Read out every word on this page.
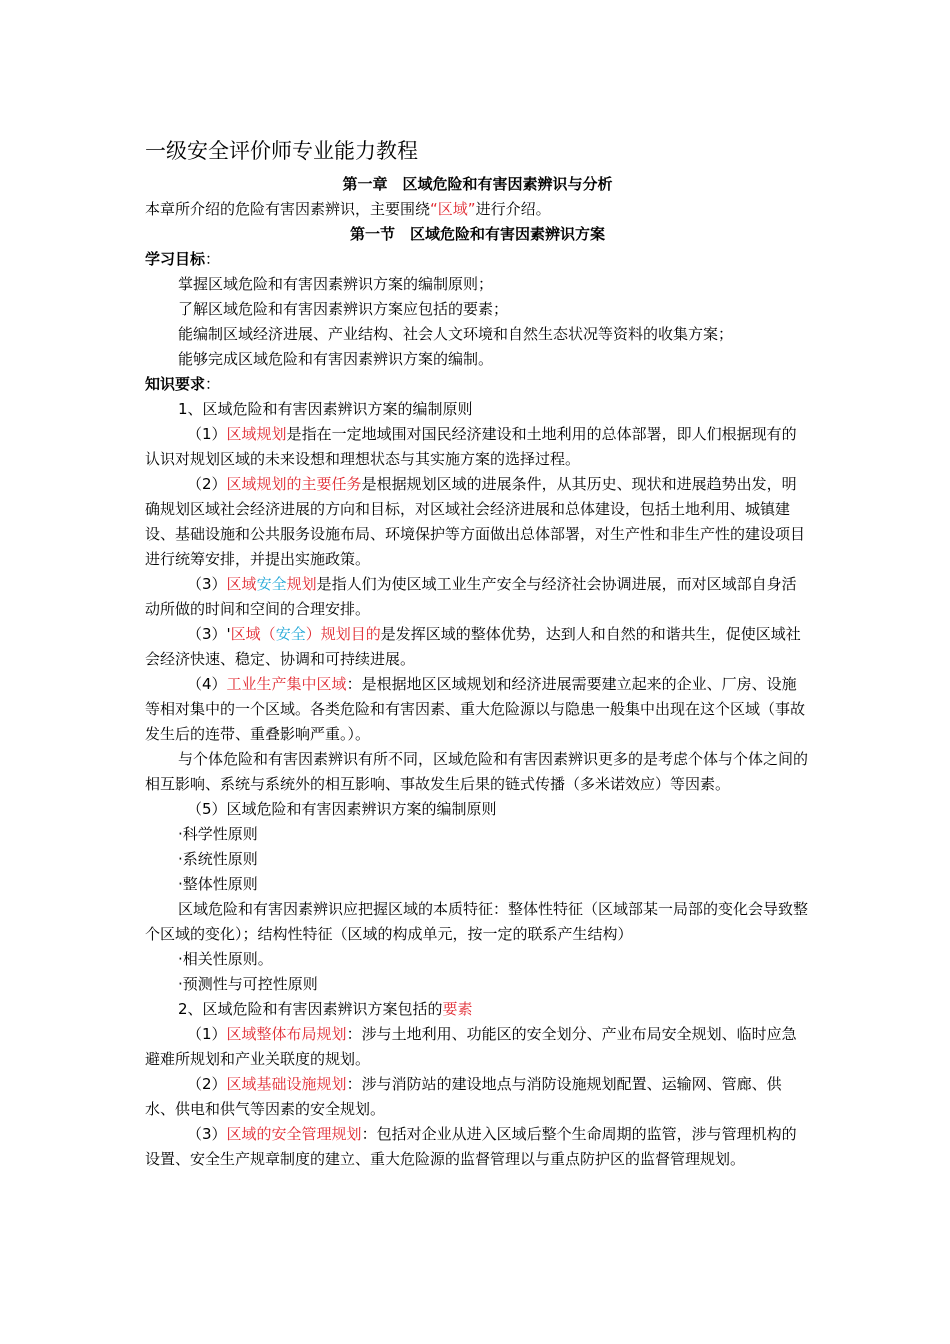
一级安全评价师专业能力教程

第一章　区域危险和有害因素辨识与分析

本章所介绍的危险有害因素辨识，主要围绕“区域”进行介绍。

第一节　区域危险和有害因素辨识方案

学习目标：

掌握区域危险和有害因素辨识方案的编制原则；

了解区域危险和有害因素辨识方案应包括的要素；

能编制区域经济进展、产业结构、社会人文环境和自然生态状况等资料的收集方案；

能够完成区域危险和有害因素辨识方案的编制。

知识要求：

1、区域危险和有害因素辨识方案的编制原则

（1）区域规划是指在一定地域围对国民经济建设和土地利用的总体部署，即人们根据现有的认识对规划区域的未来设想和理想状态与其实施方案的选择过程。

（2）区域规划的主要任务是根据规划区域的进展条件，从其历史、现状和进展趋势出发，明确规划区域社会经济进展的方向和目标，对区域社会经济进展和总体建设，包括土地利用、城镇建设、基础设施和公共服务设施布局、环境保护等方面做出总体部署，对生产性和非生产性的建设项目进行统筹安排，并提出实施政策。

（3）区域安全规划是指人们为使区域工业生产安全与经济社会协调进展，而对区域部自身活动所做的时间和空间的合理安排。

（3）'区域（安全）规划目的是发挥区域的整体优势，达到人和自然的和谐共生，促使区域社会经济快速、稳定、协调和可持续进展。

（4）工业生产集中区域：是根据地区区域规划和经济进展需要建立起来的企业、厂房、设施等相对集中的一个区域。各类危险和有害因素、重大危险源以与隐患一般集中出现在这个区域（事故发生后的连带、重叠影响严重。）。

与个体危险和有害因素辨识有所不同，区域危险和有害因素辨识更多的是考虑个体与个体之间的相互影响、系统与系统外的相互影响、事故发生后果的链式传播（多米诺效应）等因素。

（5）区域危险和有害因素辨识方案的编制原则

·科学性原则

·系统性原则

·整体性原则

区域危险和有害因素辨识应把握区域的本质特征：整体性特征（区域部某一局部的变化会导致整个区域的变化）；结构性特征（区域的构成单元，按一定的联系产生结构）

·相关性原则。

·预测性与可控性原则

2、区域危险和有害因素辨识方案包括的要素

（1）区域整体布局规划：涉与土地利用、功能区的安全划分、产业布局安全规划、临时应急避难所规划和产业关联度的规划。

（2）区域基础设施规划：涉与消防站的建设地点与消防设施规划配置、运输网、管廊、供水、供电和供气等因素的安全规划。

（3）区域的安全管理规划：包括对企业从进入区域后整个生命周期的监管，涉与管理机构的设置、安全生产规章制度的建立、重大危险源的监督管理以与重点防护区的监督管理规划。
